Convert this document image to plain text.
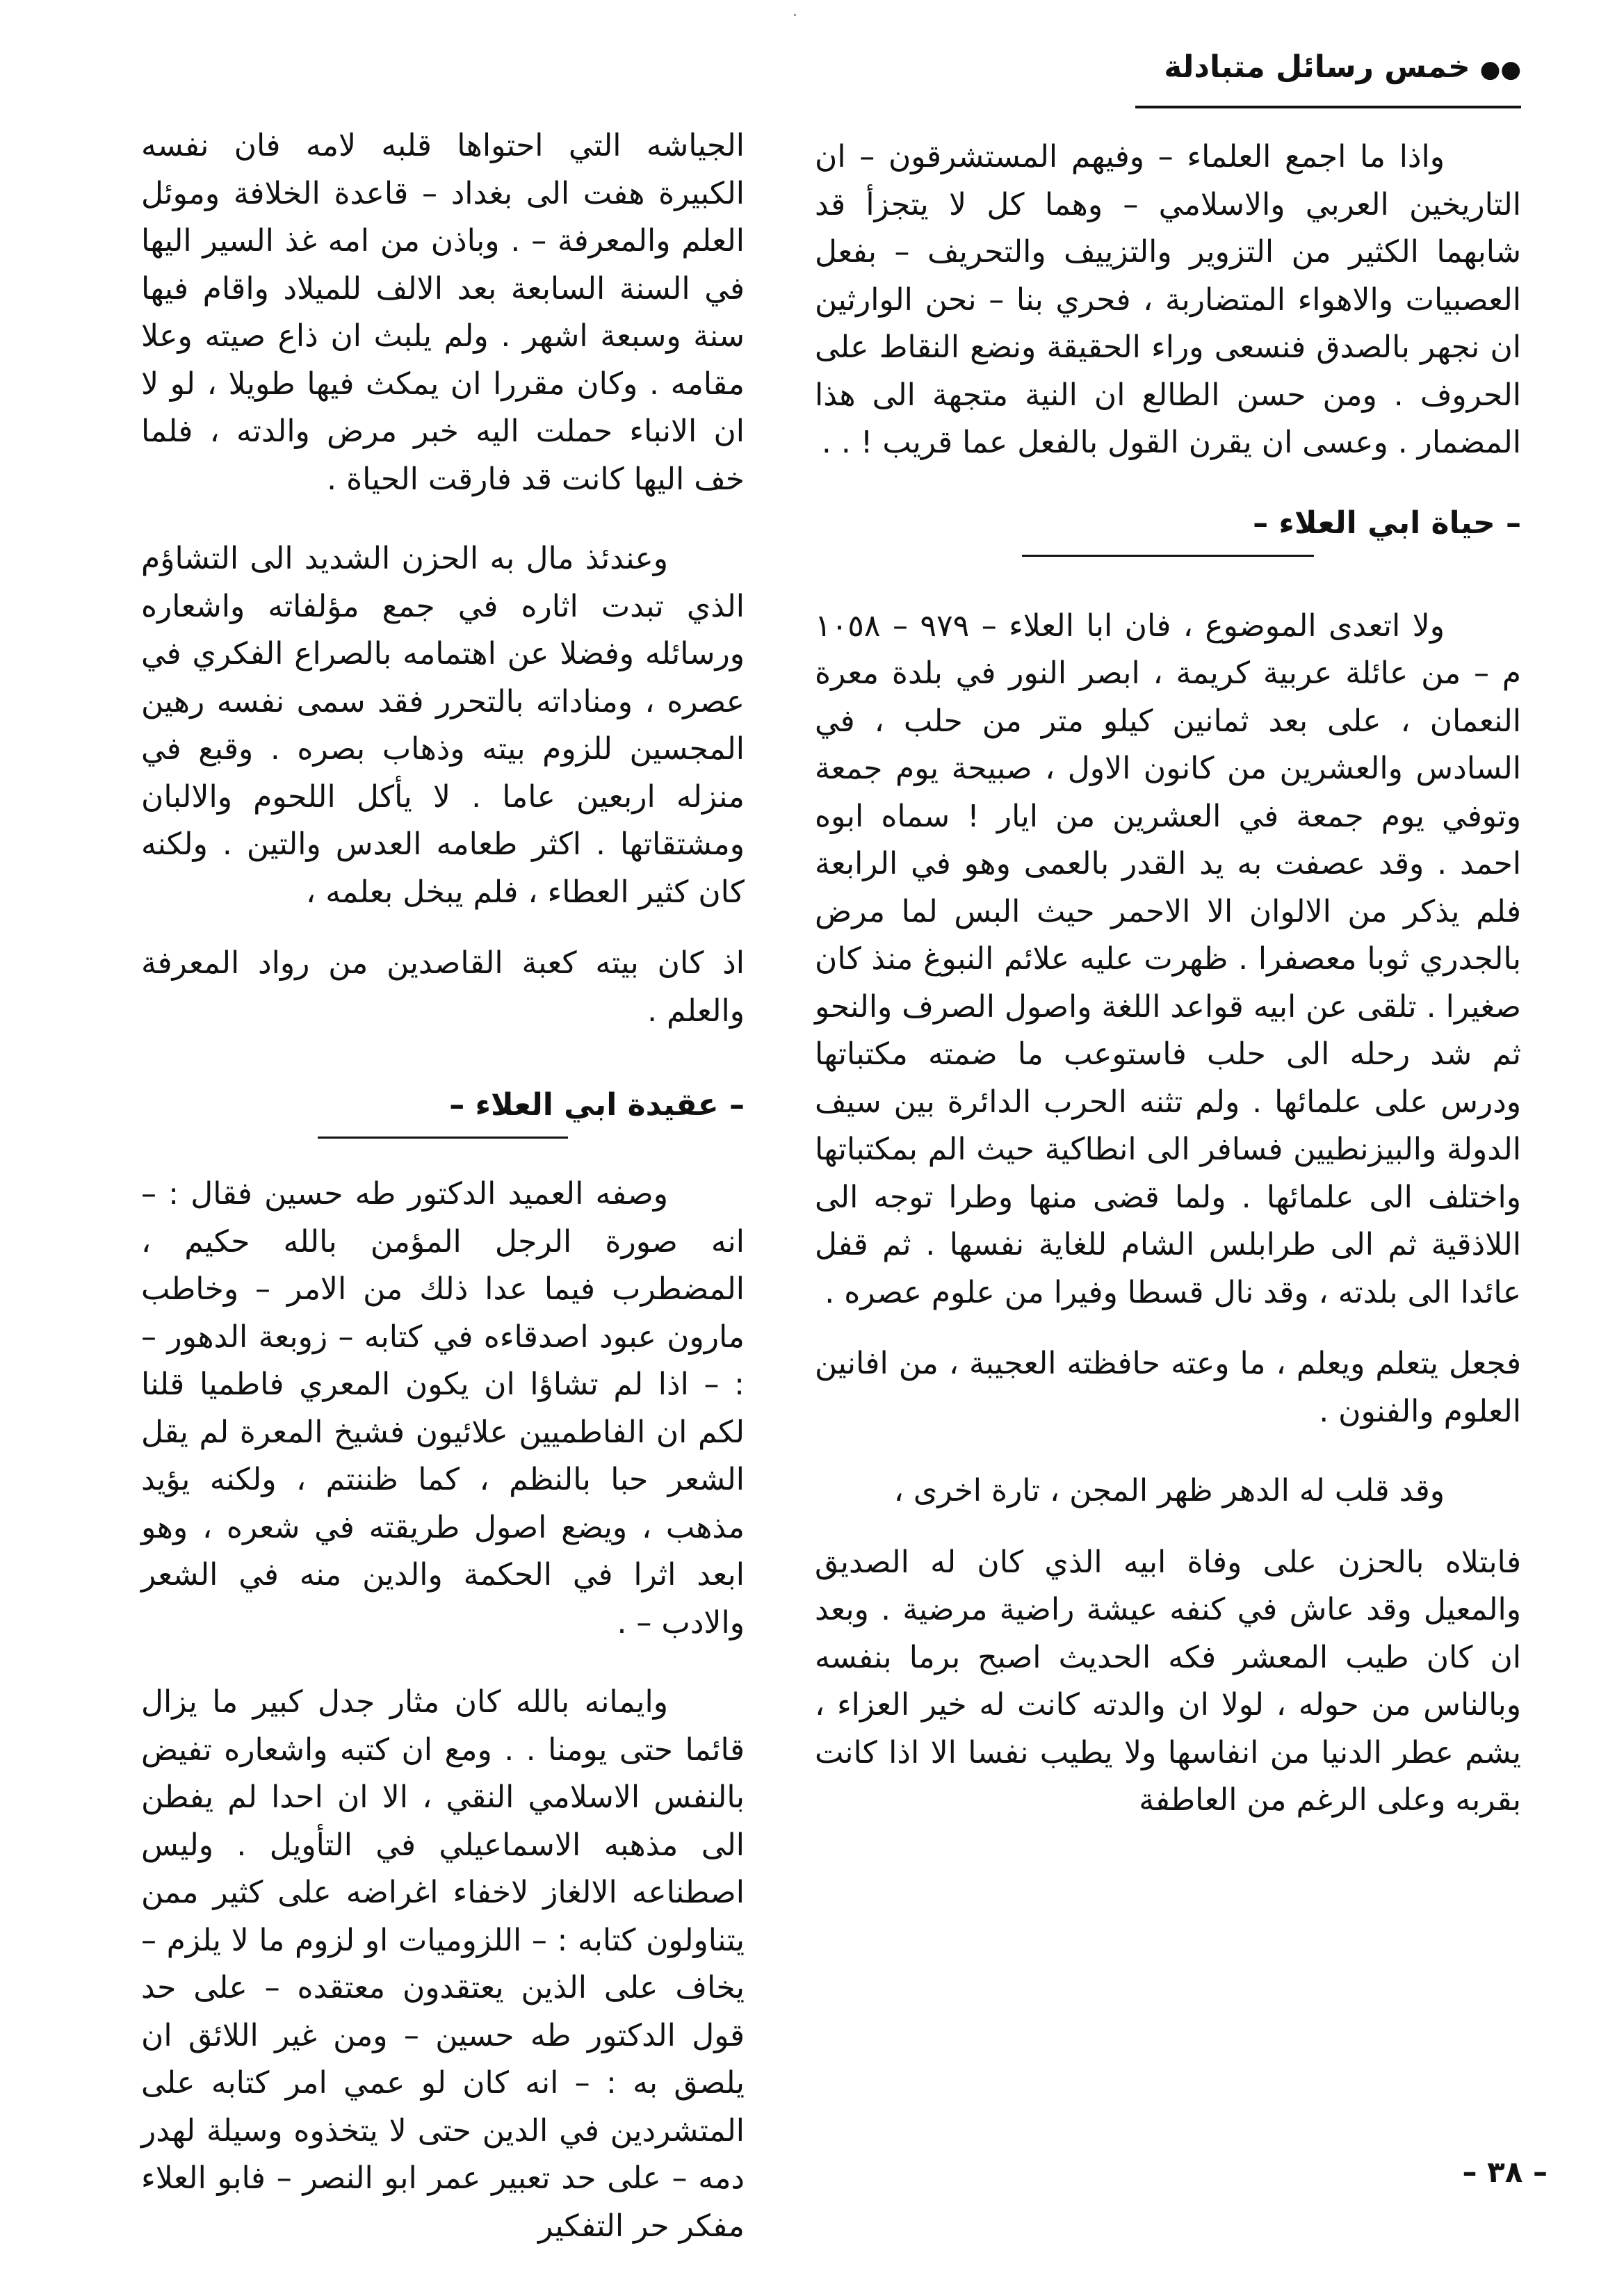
●●خمس رسائل متبادلة

واذا ما اجمع العلماء – وفيهم المستشرقون – ان التاريخين العربي والاسلامي – وهما كل لا يتجزأ قد شابهما الكثير من التزوير والتزييف والتحريف – بفعل العصبيات والاهواء المتضاربة ، فحري بنا – نحن الوارثين ان نجهر بالصدق فنسعى وراء الحقيقة ونضع النقاط على الحروف . ومن حسن الطالع ان النية متجهة الى هذا المضمار . وعسى ان يقرن القول بالفعل عما قريب ! . .

– حياة ابي العلاء –

ولا اتعدى الموضوع ، فان ابا العلاء – ٩٧٩ – ١٠٥٨ م – من عائلة عربية كريمة ، ابصر النور في بلدة معرة النعمان ، على بعد ثمانين كيلو متر من حلب ، في السادس والعشرين من كانون الاول ، صبيحة يوم جمعة وتوفي يوم جمعة في العشرين من ايار ! سماه ابوه احمد . وقد عصفت به يد القدر بالعمى وهو في الرابعة فلم يذكر من الالوان الا الاحمر حيث البس لما مرض بالجدري ثوبا معصفرا . ظهرت عليه علائم النبوغ منذ كان صغيرا . تلقى عن ابيه قواعد اللغة واصول الصرف والنحو ثم شد رحله الى حلب فاستوعب ما ضمته مكتباتها ودرس على علمائها . ولم تثنه الحرب الدائرة بين سيف الدولة والبيزنطيين فسافر الى انطاكية حيث الم بمكتباتها واختلف الى علمائها . ولما قضى منها وطرا توجه الى اللاذقية ثم الى طرابلس الشام للغاية نفسها . ثم قفل عائدا الى بلدته ، وقد نال قسطا وفيرا من علوم عصره .

فجعل يتعلم ويعلم ، ما وعته حافظته العجيبة ، من افانين العلوم والفنون .

وقد قلب له الدهر ظهر المجن ، تارة اخرى ،

فابتلاه بالحزن على وفاة ابيه الذي كان له الصديق والمعيل وقد عاش في كنفه عيشة راضية مرضية . وبعد ان كان طيب المعشر فكه الحديث اصبح برما بنفسه وبالناس من حوله ، لولا ان والدته كانت له خير العزاء ، يشم عطر الدنيا من انفاسها ولا يطيب نفسا الا اذا كانت بقربه وعلى الرغم من العاطفة

الجياشه التي احتواها قلبه لامه فان نفسه الكبيرة هفت الى بغداد – قاعدة الخلافة وموئل العلم والمعرفة – . وباذن من امه غذ السير اليها في السنة السابعة بعد الالف للميلاد واقام فيها سنة وسبعة اشهر . ولم يلبث ان ذاع صيته وعلا مقامه . وكان مقررا ان يمكث فيها طويلا ، لو لا ان الانباء حملت اليه خبر مرض والدته ، فلما خف اليها كانت قد فارقت الحياة .

وعندئذ مال به الحزن الشديد الى التشاؤم الذي تبدت اثاره في جمع مؤلفاته واشعاره ورسائله وفضلا عن اهتمامه بالصراع الفكري في عصره ، ومناداته بالتحرر فقد سمى نفسه رهين المجسين للزوم بيته وذهاب بصره . وقبع في منزله اربعين عاما . لا يأكل اللحوم والالبان ومشتقاتها . اكثر طعامه العدس والتين . ولكنه كان كثير العطاء ، فلم يبخل بعلمه ،

اذ كان بيته كعبة القاصدين من رواد المعرفة والعلم .

– عقيدة ابي العلاء –

وصفه العميد الدكتور طه حسين فقال : – انه صورة الرجل المؤمن بالله حكيم ، المضطرب فيما عدا ذلك من الامر – وخاطب مارون عبود اصدقاءه في كتابه – زوبعة الدهور – : – اذا لم تشاؤا ان يكون المعري فاطميا قلنا لكم ان الفاطميين علائيون فشيخ المعرة لم يقل الشعر حبا بالنظم ، كما ظننتم ، ولكنه يؤيد مذهب ، ويضع اصول طريقته في شعره ، وهو ابعد اثرا في الحكمة والدين منه في الشعر والادب – .

وايمانه بالله كان مثار جدل كبير ما يزال قائما حتى يومنا . . ومع ان كتبه واشعاره تفيض بالنفس الاسلامي النقي ، الا ان احدا لم يفطن الى مذهبه الاسماعيلي في التأويل . وليس اصطناعه الالغاز لاخفاء اغراضه على كثير ممن يتناولون كتابه : – اللزوميات او لزوم ما لا يلزم – يخاف على الذين يعتقدون معتقده – على حد قول الدكتور طه حسين – ومن غير اللائق ان يلصق به : – انه كان لو عمي امر كتابه على المتشردين في الدين حتى لا يتخذوه وسيلة لهدر دمه – على حد تعبير عمر ابو النصر – فابو العلاء مفكر حر التفكير

– ٣٨ –
